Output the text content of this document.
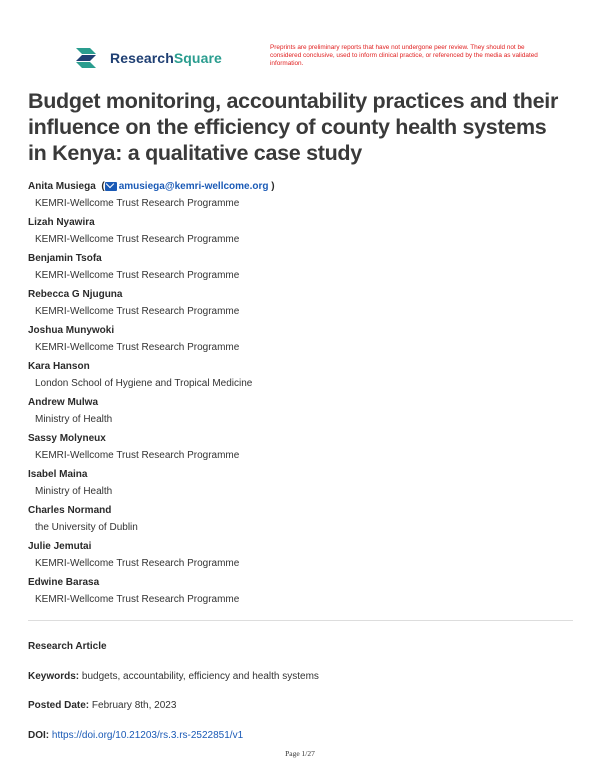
ResearchSquare
Preprints are preliminary reports that have not undergone peer review. They should not be considered conclusive, used to inform clinical practice, or referenced by the media as validated information.
Budget monitoring, accountability practices and their influence on the efficiency of county health systems in Kenya: a qualitative case study
Anita Musiega  ( amusiega@kemri-wellcome.org )
KEMRI-Wellcome Trust Research Programme
Lizah Nyawira
KEMRI-Wellcome Trust Research Programme
Benjamin Tsofa
KEMRI-Wellcome Trust Research Programme
Rebecca G Njuguna
KEMRI-Wellcome Trust Research Programme
Joshua Munywoki
KEMRI-Wellcome Trust Research Programme
Kara Hanson
London School of Hygiene and Tropical Medicine
Andrew Mulwa
Ministry of Health
Sassy Molyneux
KEMRI-Wellcome Trust Research Programme
Isabel Maina
Ministry of Health
Charles Normand
the University of Dublin
Julie Jemutai
KEMRI-Wellcome Trust Research Programme
Edwine Barasa
KEMRI-Wellcome Trust Research Programme
Research Article
Keywords: budgets, accountability, efficiency and health systems
Posted Date: February 8th, 2023
DOI: https://doi.org/10.21203/rs.3.rs-2522851/v1
Page 1/27
